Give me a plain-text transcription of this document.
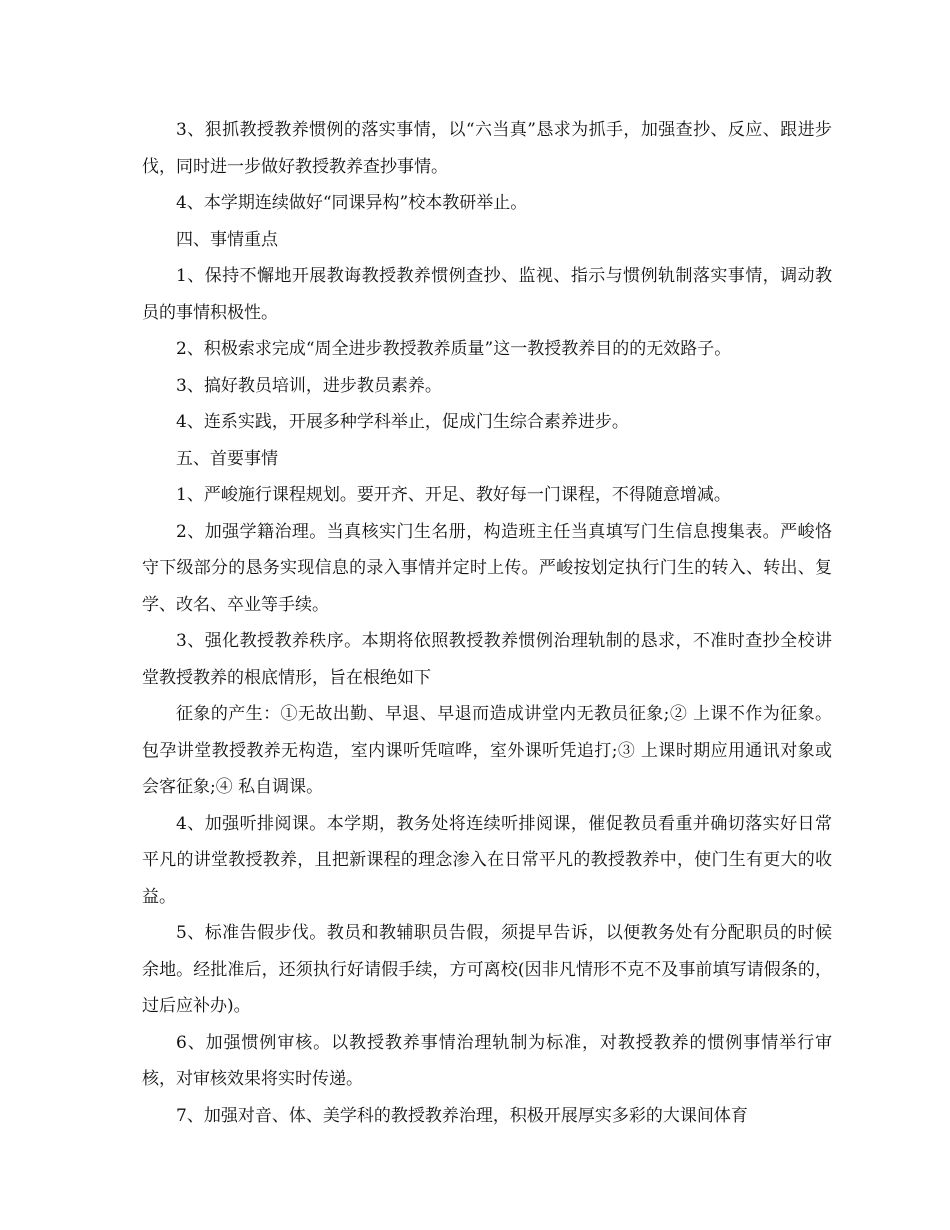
3、狠抓教授教养惯例的落实事情，以“六当真”恳求为抓手，加强查抄、反应、跟进步伐，同时进一步做好教授教养查抄事情。

4、本学期连续做好“同课异构”校本教研举止。

四、事情重点

1、保持不懈地开展教诲教授教养惯例查抄、监视、指示与惯例轨制落实事情，调动教员的事情积极性。

2、积极索求完成“周全进步教授教养质量”这一教授教养目的的无效路子。

3、搞好教员培训，进步教员素养。

4、连系实践，开展多种学科举止，促成门生综合素养进步。

五、首要事情

1、严峻施行课程规划。要开齐、开足、教好每一门课程，不得随意增减。

2、加强学籍治理。当真核实门生名册，构造班主任当真填写门生信息搜集表。严峻恪守下级部分的恳务实现信息的录入事情并定时上传。严峻按划定执行门生的转入、转出、复学、改名、卒业等手续。

3、强化教授教养秩序。本期将依照教授教养惯例治理轨制的恳求，不准时查抄全校讲堂教授教养的根底情形，旨在根绝如下

征象的产生：①无故出勤、早退、早退而造成讲堂内无教员征象;② 上课不作为征象。包孕讲堂教授教养无构造，室内课听凭喧哗，室外课听凭追打;③ 上课时期应用通讯对象或会客征象;④ 私自调课。

4、加强听排阅课。本学期，教务处将连续听排阅课，催促教员看重并确切落实好日常平凡的讲堂教授教养，且把新课程的理念渗入在日常平凡的教授教养中，使门生有更大的收益。

5、标准告假步伐。教员和教辅职员告假，须提早告诉，以便教务处有分配职员的时候余地。经批准后，还须执行好请假手续，方可离校(因非凡情形不克不及事前填写请假条的，过后应补办)。

6、加强惯例审核。以教授教养事情治理轨制为标准，对教授教养的惯例事情举行审核，对审核效果将实时传递。

7、加强对音、体、美学科的教授教养治理，积极开展厚实多彩的大课间体育
